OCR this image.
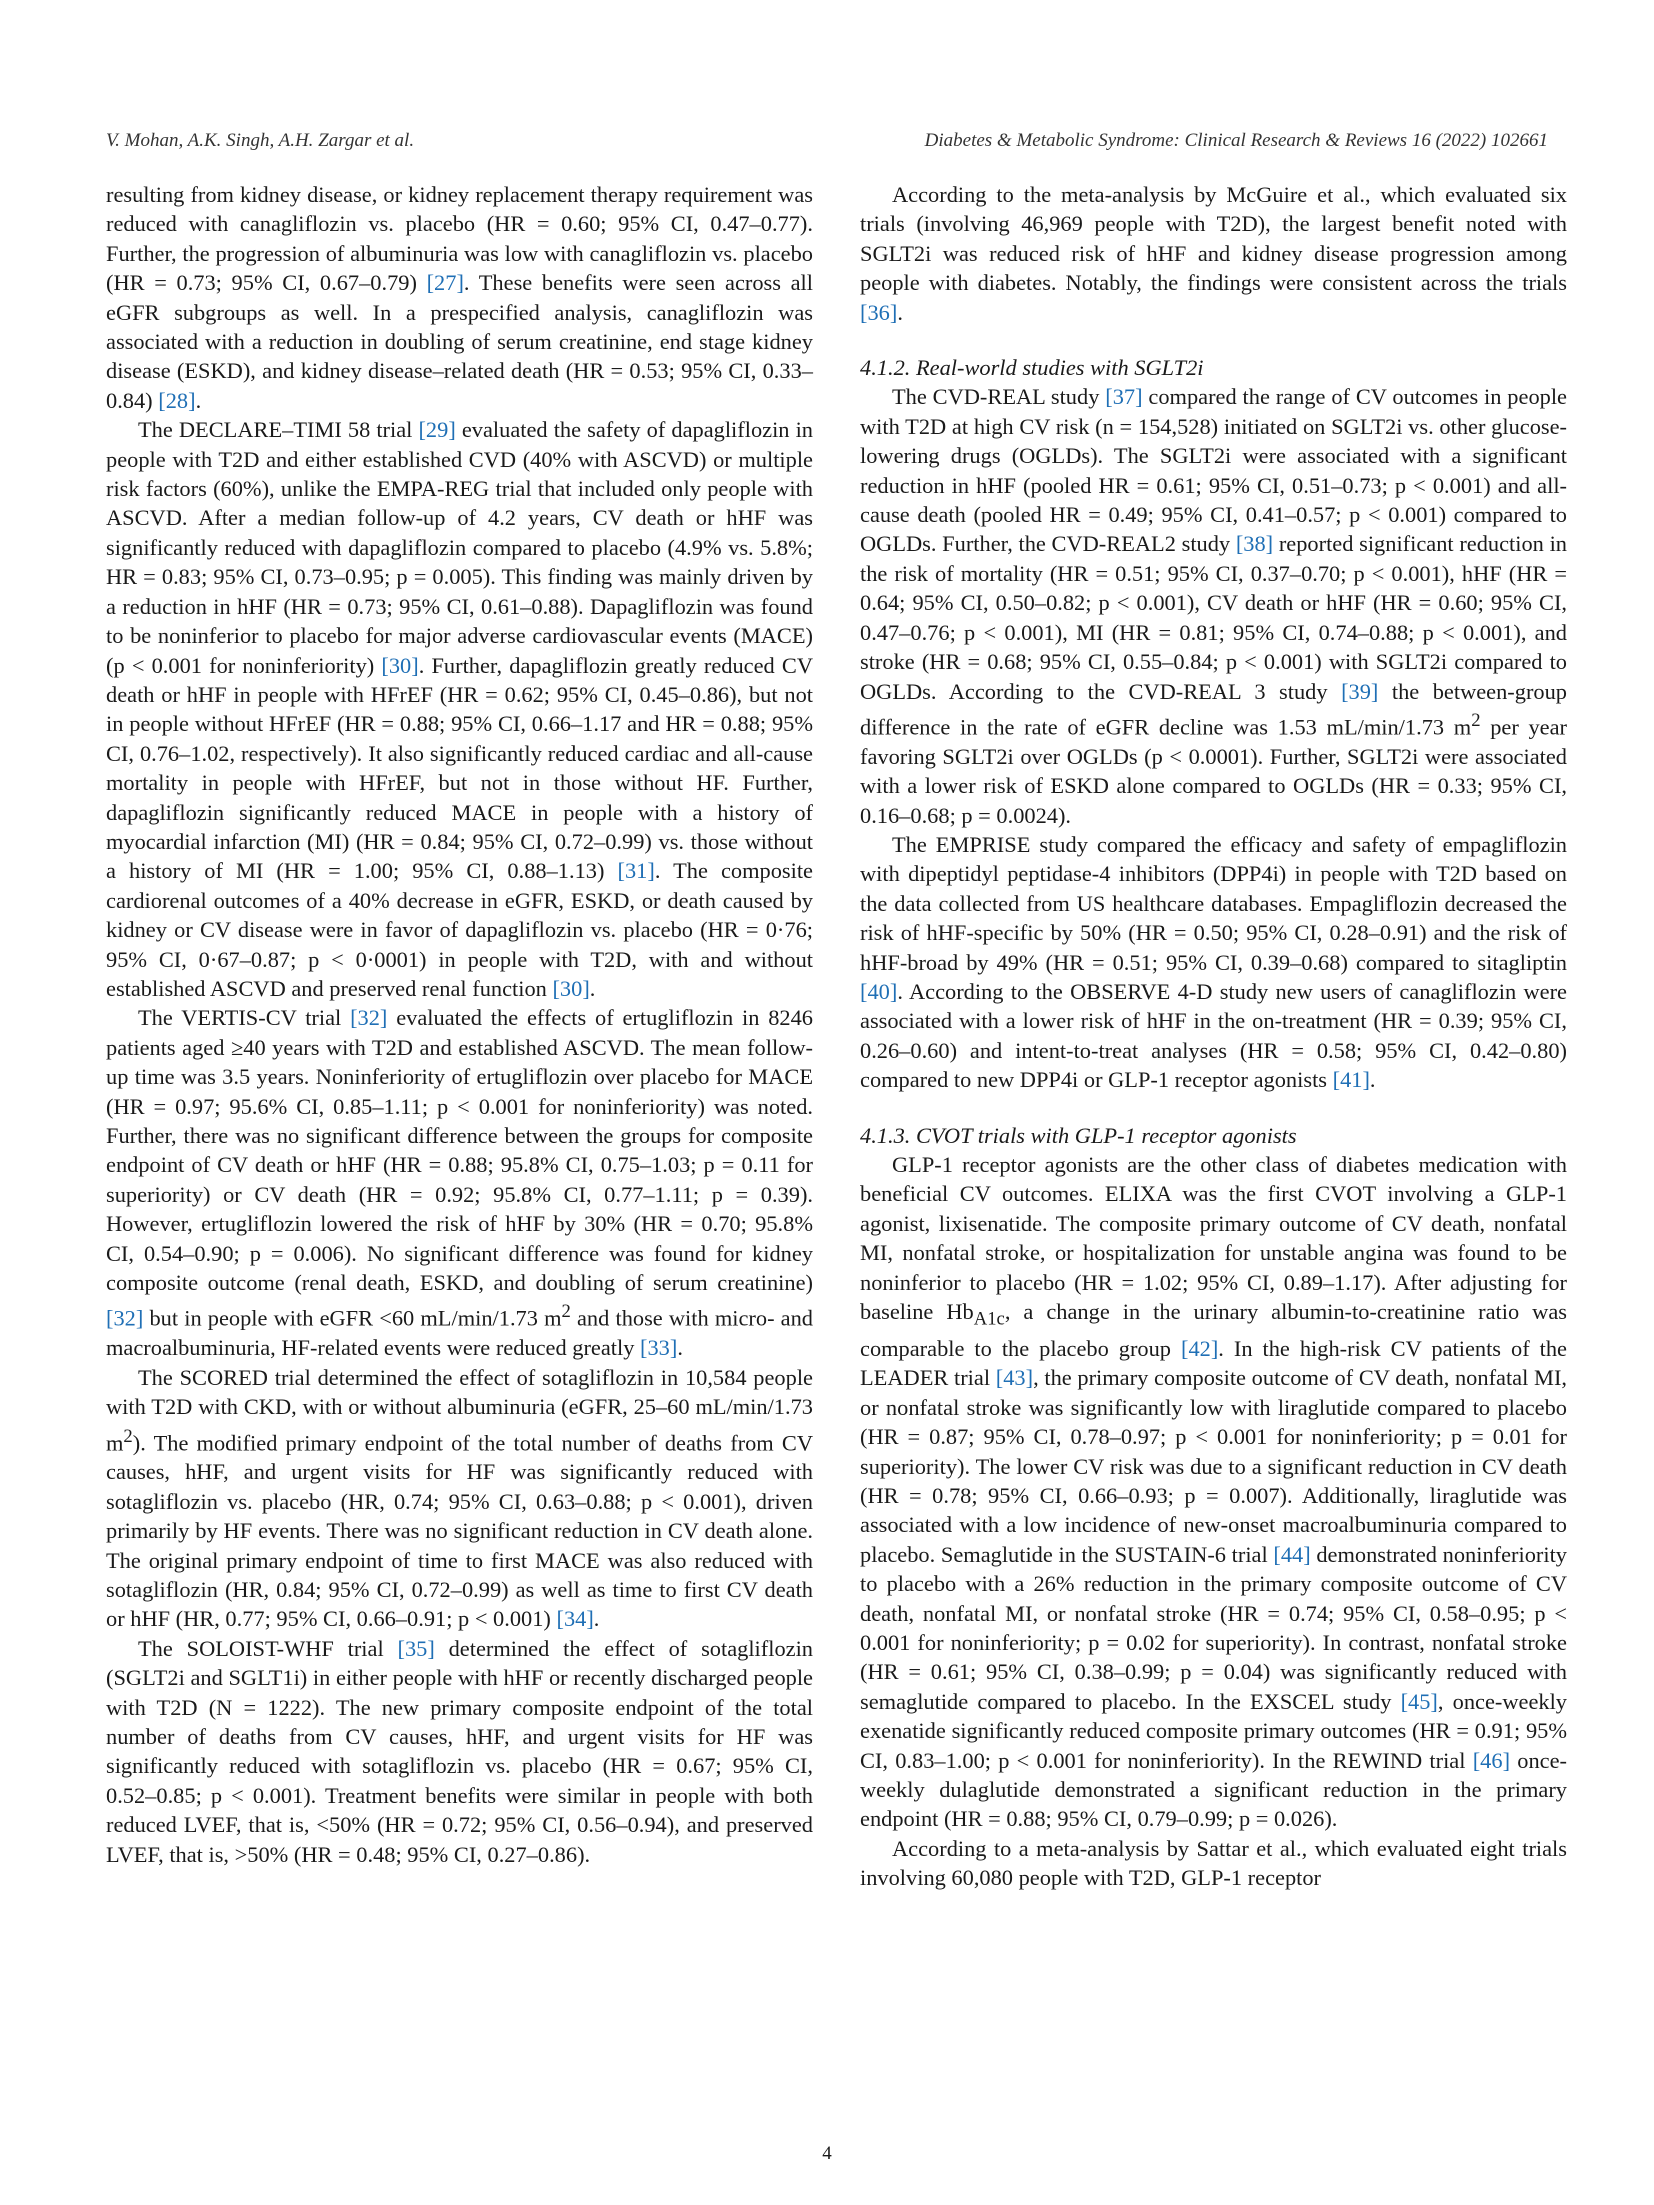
V. Mohan, A.K. Singh, A.H. Zargar et al.	Diabetes & Metabolic Syndrome: Clinical Research & Reviews 16 (2022) 102661

resulting from kidney disease, or kidney replacement therapy requirement was reduced with canagliflozin vs. placebo (HR = 0.60; 95% CI, 0.47–0.77). Further, the progression of albuminuria was low with canagliflozin vs. placebo (HR = 0.73; 95% CI, 0.67–0.79) [27]. These benefits were seen across all eGFR subgroups as well. In a prespecified analysis, canagliflozin was associated with a reduction in doubling of serum creatinine, end stage kidney disease (ESKD), and kidney disease–related death (HR = 0.53; 95% CI, 0.33–0.84) [28].

The DECLARE–TIMI 58 trial [29] evaluated the safety of dapagliflozin in people with T2D and either established CVD (40% with ASCVD) or multiple risk factors (60%), unlike the EMPA-REG trial that included only people with ASCVD. After a median follow-up of 4.2 years, CV death or hHF was significantly reduced with dapagliflozin compared to placebo (4.9% vs. 5.8%; HR = 0.83; 95% CI, 0.73–0.95; p = 0.005). This finding was mainly driven by a reduction in hHF (HR = 0.73; 95% CI, 0.61–0.88). Dapagliflozin was found to be noninferior to placebo for major adverse cardiovascular events (MACE) (p < 0.001 for noninferiority) [30]. Further, dapagliflozin greatly reduced CV death or hHF in people with HFrEF (HR = 0.62; 95% CI, 0.45–0.86), but not in people without HFrEF (HR = 0.88; 95% CI, 0.66–1.17 and HR = 0.88; 95% CI, 0.76–1.02, respectively). It also significantly reduced cardiac and all-cause mortality in people with HFrEF, but not in those without HF. Further, dapagliflozin significantly reduced MACE in people with a history of myocardial infarction (MI) (HR = 0.84; 95% CI, 0.72–0.99) vs. those without a history of MI (HR = 1.00; 95% CI, 0.88–1.13) [31]. The composite cardiorenal outcomes of a 40% decrease in eGFR, ESKD, or death caused by kidney or CV disease were in favor of dapagliflozin vs. placebo (HR = 0·76; 95% CI, 0·67–0.87; p < 0·0001) in people with T2D, with and without established ASCVD and preserved renal function [30].

The VERTIS-CV trial [32] evaluated the effects of ertugliflozin in 8246 patients aged ≥40 years with T2D and established ASCVD. The mean follow-up time was 3.5 years. Noninferiority of ertugliflozin over placebo for MACE (HR = 0.97; 95.6% CI, 0.85–1.11; p < 0.001 for noninferiority) was noted. Further, there was no significant difference between the groups for composite endpoint of CV death or hHF (HR = 0.88; 95.8% CI, 0.75–1.03; p = 0.11 for superiority) or CV death (HR = 0.92; 95.8% CI, 0.77–1.11; p = 0.39). However, ertugliflozin lowered the risk of hHF by 30% (HR = 0.70; 95.8% CI, 0.54–0.90; p = 0.006). No significant difference was found for kidney composite outcome (renal death, ESKD, and doubling of serum creatinine) [32] but in people with eGFR <60 mL/min/1.73 $m^2$ and those with micro- and macroalbuminuria, HF-related events were reduced greatly [33].

The SCORED trial determined the effect of sotagliflozin in 10,584 people with T2D with CKD, with or without albuminuria (eGFR, 25–60 mL/min/1.73 $m^2$). The modified primary endpoint of the total number of deaths from CV causes, hHF, and urgent visits for HF was significantly reduced with sotagliflozin vs. placebo (HR, 0.74; 95% CI, 0.63–0.88; p < 0.001), driven primarily by HF events. There was no significant reduction in CV death alone. The original primary endpoint of time to first MACE was also reduced with sotagliflozin (HR, 0.84; 95% CI, 0.72–0.99) as well as time to first CV death or hHF (HR, 0.77; 95% CI, 0.66–0.91; p < 0.001) [34].

The SOLOIST-WHF trial [35] determined the effect of sotagliflozin (SGLT2i and SGLT1i) in either people with hHF or recently discharged people with T2D (N = 1222). The new primary composite endpoint of the total number of deaths from CV causes, hHF, and urgent visits for HF was significantly reduced with sotagliflozin vs. placebo (HR = 0.67; 95% CI, 0.52–0.85; p < 0.001). Treatment benefits were similar in people with both reduced LVEF, that is, <50% (HR = 0.72; 95% CI, 0.56–0.94), and preserved LVEF, that is, >50% (HR = 0.48; 95% CI, 0.27–0.86).

According to the meta-analysis by McGuire et al., which evaluated six trials (involving 46,969 people with T2D), the largest benefit noted with SGLT2i was reduced risk of hHF and kidney disease progression among people with diabetes. Notably, the findings were consistent across the trials [36].

4.1.2. Real-world studies with SGLT2i

The CVD-REAL study [37] compared the range of CV outcomes in people with T2D at high CV risk (n = 154,528) initiated on SGLT2i vs. other glucose-lowering drugs (OGLDs). The SGLT2i were associated with a significant reduction in hHF (pooled HR = 0.61; 95% CI, 0.51–0.73; p < 0.001) and all-cause death (pooled HR = 0.49; 95% CI, 0.41–0.57; p < 0.001) compared to OGLDs. Further, the CVD-REAL2 study [38] reported significant reduction in the risk of mortality (HR = 0.51; 95% CI, 0.37–0.70; p < 0.001), hHF (HR = 0.64; 95% CI, 0.50–0.82; p < 0.001), CV death or hHF (HR = 0.60; 95% CI, 0.47–0.76; p < 0.001), MI (HR = 0.81; 95% CI, 0.74–0.88; p < 0.001), and stroke (HR = 0.68; 95% CI, 0.55–0.84; p < 0.001) with SGLT2i compared to OGLDs. According to the CVD-REAL 3 study [39] the between-group difference in the rate of eGFR decline was 1.53 mL/min/1.73 $m^2$ per year favoring SGLT2i over OGLDs (p < 0.0001). Further, SGLT2i were associated with a lower risk of ESKD alone compared to OGLDs (HR = 0.33; 95% CI, 0.16–0.68; p = 0.0024).

The EMPRISE study compared the efficacy and safety of empagliflozin with dipeptidyl peptidase-4 inhibitors (DPP4i) in people with T2D based on the data collected from US healthcare databases. Empagliflozin decreased the risk of hHF-specific by 50% (HR = 0.50; 95% CI, 0.28–0.91) and the risk of hHF-broad by 49% (HR = 0.51; 95% CI, 0.39–0.68) compared to sitagliptin [40]. According to the OBSERVE 4-D study new users of canagliflozin were associated with a lower risk of hHF in the on-treatment (HR = 0.39; 95% CI, 0.26–0.60) and intent-to-treat analyses (HR = 0.58; 95% CI, 0.42–0.80) compared to new DPP4i or GLP-1 receptor agonists [41].

4.1.3. CVOT trials with GLP-1 receptor agonists

GLP-1 receptor agonists are the other class of diabetes medication with beneficial CV outcomes. ELIXA was the first CVOT involving a GLP-1 agonist, lixisenatide. The composite primary outcome of CV death, nonfatal MI, nonfatal stroke, or hospitalization for unstable angina was found to be noninferior to placebo (HR = 1.02; 95% CI, 0.89–1.17). After adjusting for baseline $Hb_{A1c}$, a change in the urinary albumin-to-creatinine ratio was comparable to the placebo group [42]. In the high-risk CV patients of the LEADER trial [43], the primary composite outcome of CV death, nonfatal MI, or nonfatal stroke was significantly low with liraglutide compared to placebo (HR = 0.87; 95% CI, 0.78–0.97; p < 0.001 for noninferiority; p = 0.01 for superiority). The lower CV risk was due to a significant reduction in CV death (HR = 0.78; 95% CI, 0.66–0.93; p = 0.007). Additionally, liraglutide was associated with a low incidence of new-onset macroalbuminuria compared to placebo. Semaglutide in the SUSTAIN-6 trial [44] demonstrated noninferiority to placebo with a 26% reduction in the primary composite outcome of CV death, nonfatal MI, or nonfatal stroke (HR = 0.74; 95% CI, 0.58–0.95; p < 0.001 for noninferiority; p = 0.02 for superiority). In contrast, nonfatal stroke (HR = 0.61; 95% CI, 0.38–0.99; p = 0.04) was significantly reduced with semaglutide compared to placebo. In the EXSCEL study [45], once-weekly exenatide significantly reduced composite primary outcomes (HR = 0.91; 95% CI, 0.83–1.00; p < 0.001 for noninferiority). In the REWIND trial [46] once-weekly dulaglutide demonstrated a significant reduction in the primary endpoint (HR = 0.88; 95% CI, 0.79–0.99; p = 0.026).

According to a meta-analysis by Sattar et al., which evaluated eight trials involving 60,080 people with T2D, GLP-1 receptor

4
